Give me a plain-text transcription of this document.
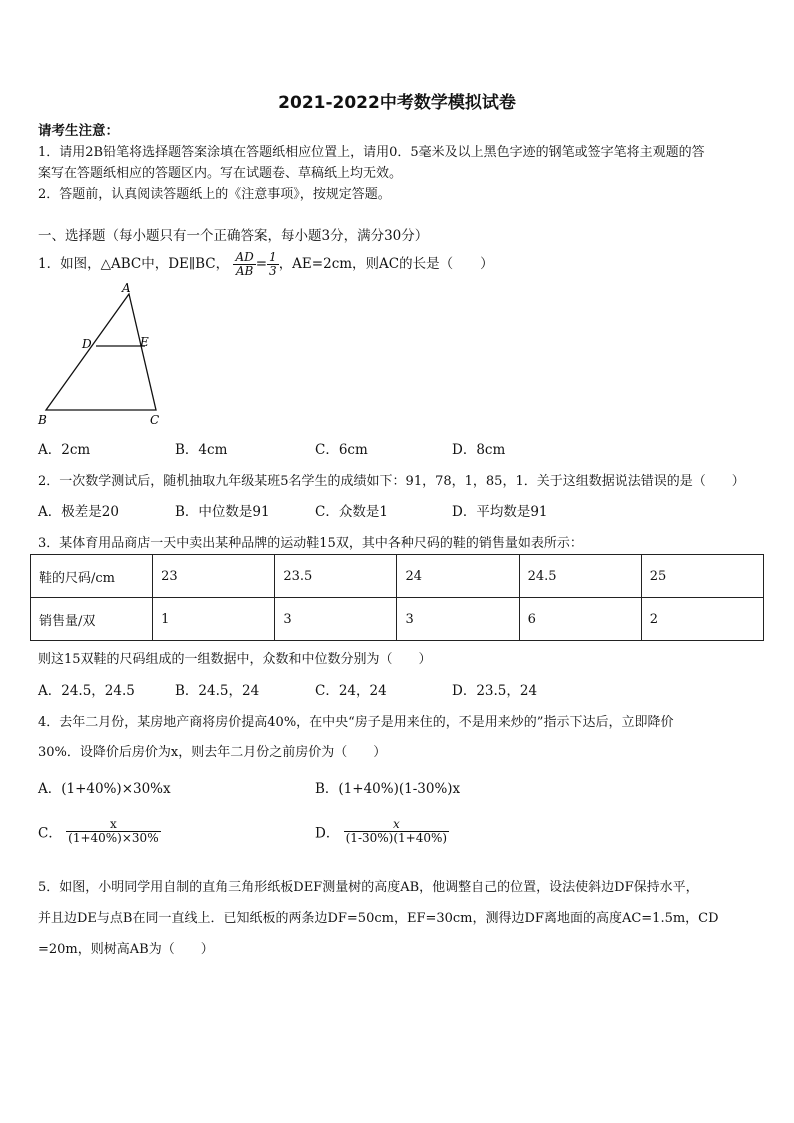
2021-2022中考数学模拟试卷
请考生注意：
1．请用2B铅笔将选择题答案涂填在答题纸相应位置上，请用0．5毫米及以上黑色字迹的钢笔或签字笔将主观题的答
案写在答题纸相应的答题区内。写在试题卷、草稿纸上均无效。
2．答题前，认真阅读答题纸上的《注意事项》，按规定答题。
一、选择题（每小题只有一个正确答案，每小题3分，满分30分）
1．如图，△ABC中，DE∥BC， $\frac{AD}{AB} = \frac{1}{3}$ ，AE=2cm，则AC的长是（　　）
A
D	E
B	C
A．2cm	B．4cm	C．6cm	D．8cm
2．一次数学测试后，随机抽取九年级某班5名学生的成绩如下：91，78，1，85，1．关于这组数据说法错误的是（　　）
A．极差是20	B．中位数是91	C．众数是1	D．平均数是91
3．某体育用品商店一天中卖出某种品牌的运动鞋15双，其中各种尺码的鞋的销售量如表所示：
鞋的尺码/cm	23	23.5	24	24.5	25
销售量/双	1	3	3	6	2
则这15双鞋的尺码组成的一组数据中，众数和中位数分别为（　　）
A．24.5，24.5	B．24.5，24	C．24，24	D．23.5，24
4．去年二月份，某房地产商将房价提高40%，在中央“房子是用来住的，不是用来炒的”指示下达后，立即降价
30%．设降价后房价为x，则去年二月份之前房价为（　　）
A．(1+40%)×30%x	B．(1+40%)(1-30%)x
C． $\frac{x}{(1+40\%)\times 30\%}$	D． $\frac{x}{(1-30\%)(1+40\%)}$
5．如图，小明同学用自制的直角三角形纸板DEF测量树的高度AB，他调整自己的位置，设法使斜边DF保持水平，
并且边DE与点B在同一直线上．已知纸板的两条边DF=50cm，EF=30cm，测得边DF离地面的高度AC=1.5m，CD
=20m，则树高AB为（　　）
